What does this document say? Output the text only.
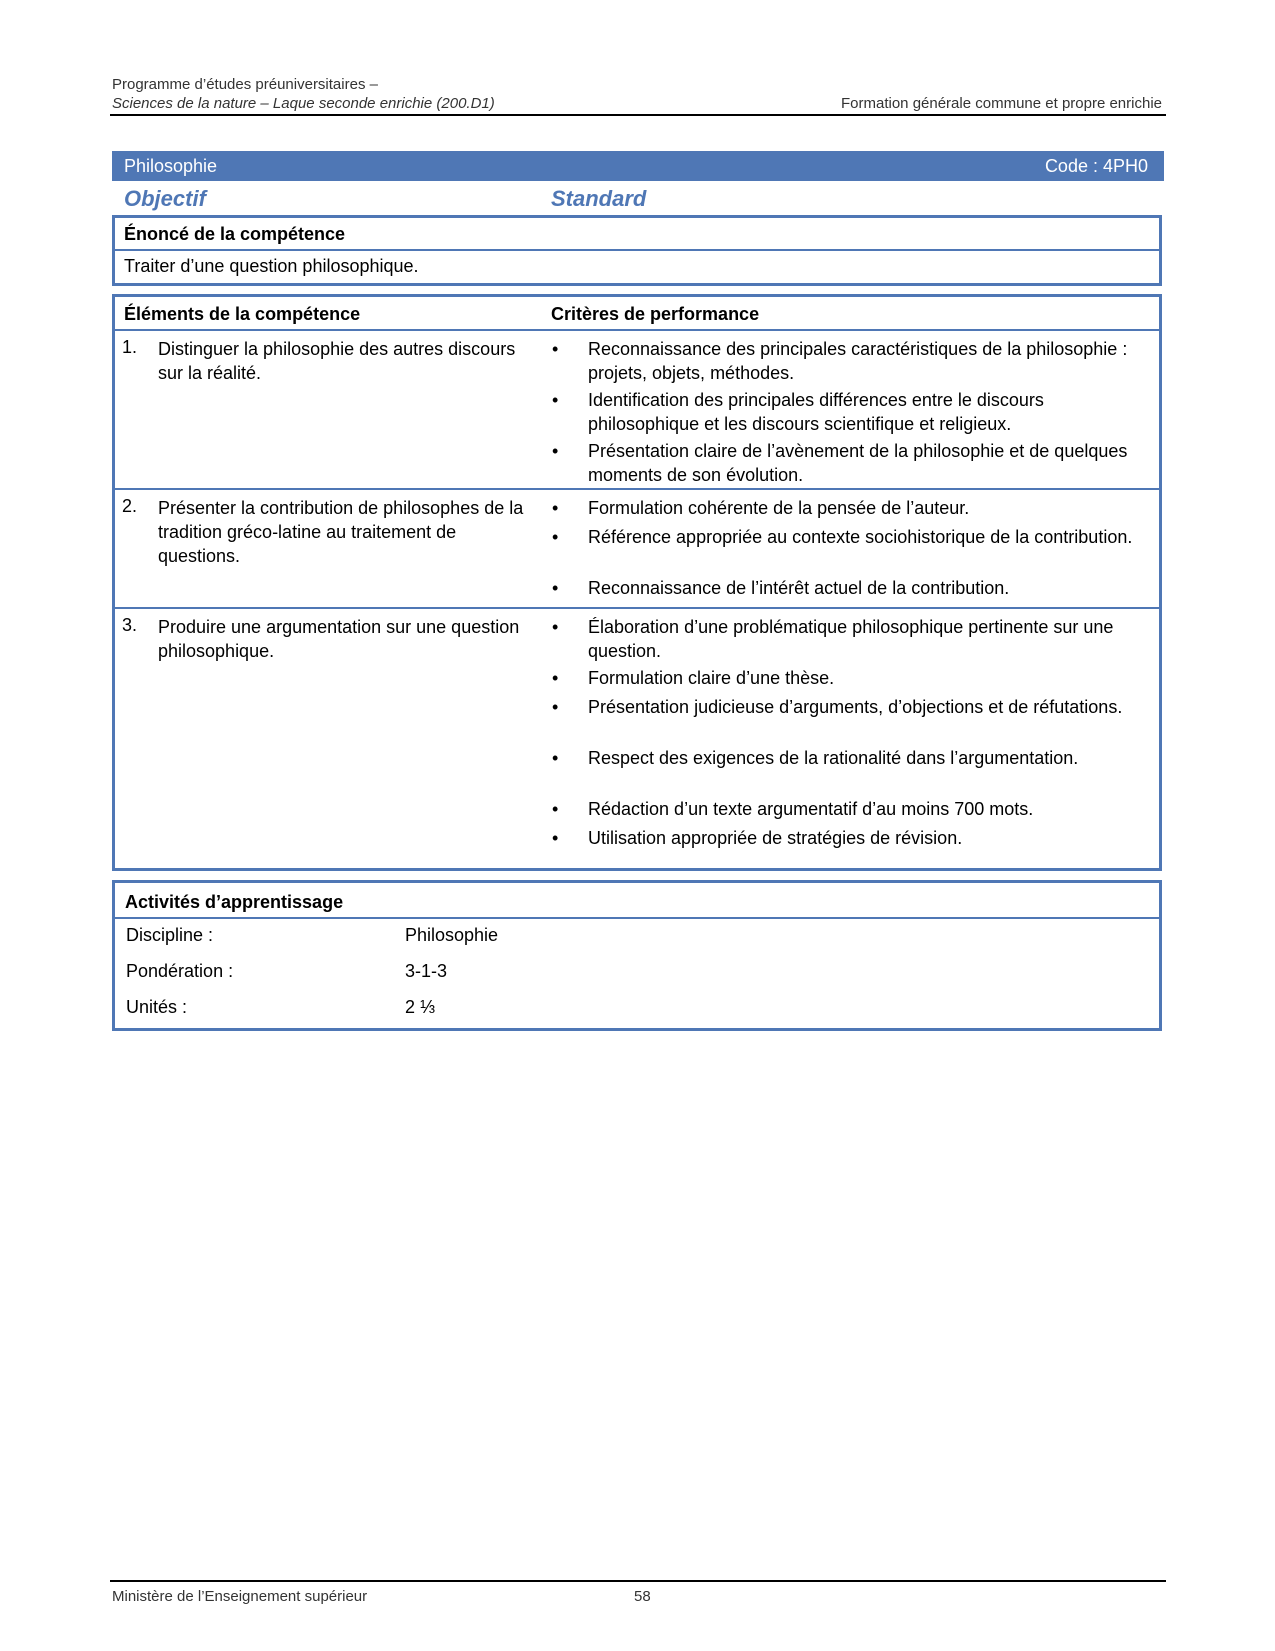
Programme d’études préuniversitaires –
Sciences de la nature – Laque seconde enrichie (200.D1)	Formation générale commune et propre enrichie
Philosophie	Code : 4PH0
Objectif	Standard
Énoncé de la compétence
Traiter d’une question philosophique.
Éléments de la compétence	Critères de performance
1. Distinguer la philosophie des autres discours sur la réalité.
• Reconnaissance des principales caractéristiques de la philosophie : projets, objets, méthodes.
• Identification des principales différences entre le discours philosophique et les discours scientifique et religieux.
• Présentation claire de l’avènement de la philosophie et de quelques moments de son évolution.
2. Présenter la contribution de philosophes de la tradition gréco-latine au traitement de questions.
• Formulation cohérente de la pensée de l’auteur.
• Référence appropriée au contexte sociohistorique de la contribution.
• Reconnaissance de l’intérêt actuel de la contribution.
3. Produire une argumentation sur une question philosophique.
• Élaboration d’une problématique philosophique pertinente sur une question.
• Formulation claire d’une thèse.
• Présentation judicieuse d’arguments, d’objections et de réfutations.
• Respect des exigences de la rationalité dans l’argumentation.
• Rédaction d’un texte argumentatif d’au moins 700 mots.
• Utilisation appropriée de stratégies de révision.
Activités d’apprentissage
Discipline :	Philosophie
Pondération :	3-1-3
Unités :	2 ⅓
Ministère de l’Enseignement supérieur	58
